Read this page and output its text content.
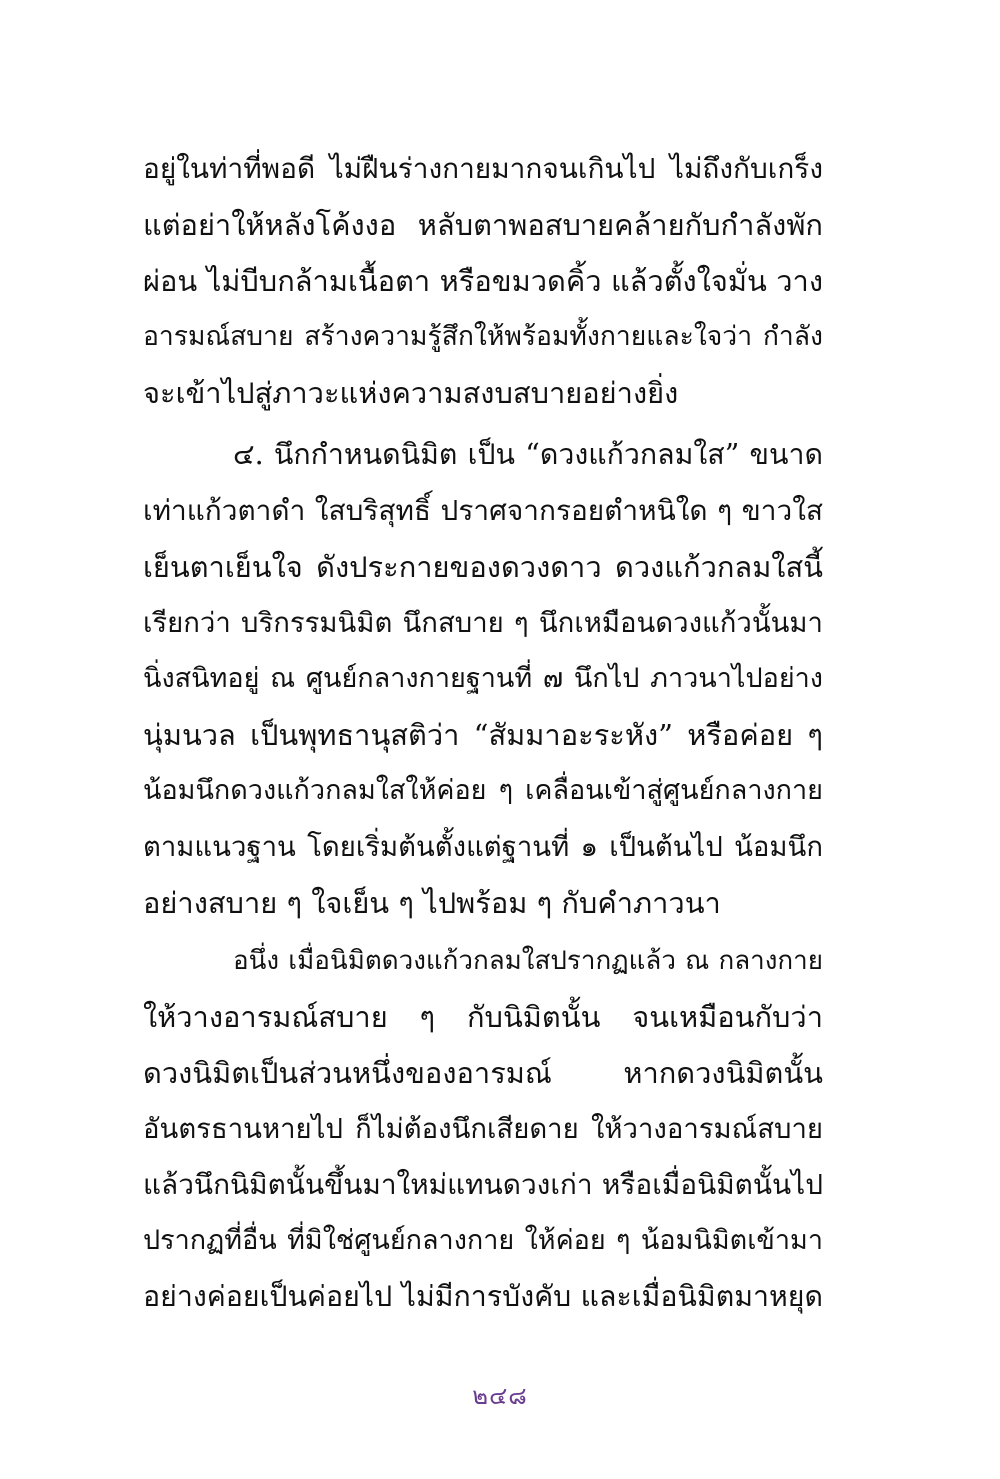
อยู่ในท่าที่พอดี ไม่ฝืนร่างกายมากจนเกินไป ไม่ถึงกับเกร็ง
แต่อย่าให้หลังโค้งงอ หลับตาพอสบายคล้ายกับกำลังพัก
ผ่อน ไม่บีบกล้ามเนื้อตา หรือขมวดคิ้ว แล้วตั้งใจมั่น วาง
อารมณ์สบาย สร้างความรู้สึกให้พร้อมทั้งกายและใจว่า กำลัง
จะเข้าไปสู่ภาวะแห่งความสงบสบายอย่างยิ่ง
๔. นึกกำหนดนิมิต เป็น “ดวงแก้วกลมใส” ขนาด
เท่าแก้วตาดำ ใสบริสุทธิ์ ปราศจากรอยตำหนิใด ๆ ขาวใส
เย็นตาเย็นใจ ดังประกายของดวงดาว ดวงแก้วกลมใสนี้
เรียกว่า บริกรรมนิมิต นึกสบาย ๆ นึกเหมือนดวงแก้วนั้นมา
นิ่งสนิทอยู่ ณ ศูนย์กลางกายฐานที่ ๗ นึกไป ภาวนาไปอย่าง
นุ่มนวล เป็นพุทธานุสติว่า “สัมมาอะระหัง” หรือค่อย ๆ
น้อมนึกดวงแก้วกลมใสให้ค่อย ๆ เคลื่อนเข้าสู่ศูนย์กลางกาย
ตามแนวฐาน โดยเริ่มต้นตั้งแต่ฐานที่ ๑ เป็นต้นไป น้อมนึก
อย่างสบาย ๆ ใจเย็น ๆ ไปพร้อม ๆ กับคำภาวนา
อนึ่ง เมื่อนิมิตดวงแก้วกลมใสปรากฏแล้ว ณ กลางกาย
ให้วางอารมณ์สบาย ๆ กับนิมิตนั้น จนเหมือนกับว่า
ดวงนิมิตเป็นส่วนหนึ่งของอารมณ์ หากดวงนิมิตนั้น
อันตรธานหายไป ก็ไม่ต้องนึกเสียดาย ให้วางอารมณ์สบาย
แล้วนึกนิมิตนั้นขึ้นมาใหม่แทนดวงเก่า หรือเมื่อนิมิตนั้นไป
ปรากฏที่อื่น ที่มิใช่ศูนย์กลางกาย ให้ค่อย ๆ น้อมนิมิตเข้ามา
อย่างค่อยเป็นค่อยไป ไม่มีการบังคับ และเมื่อนิมิตมาหยุด
๒๔๘
